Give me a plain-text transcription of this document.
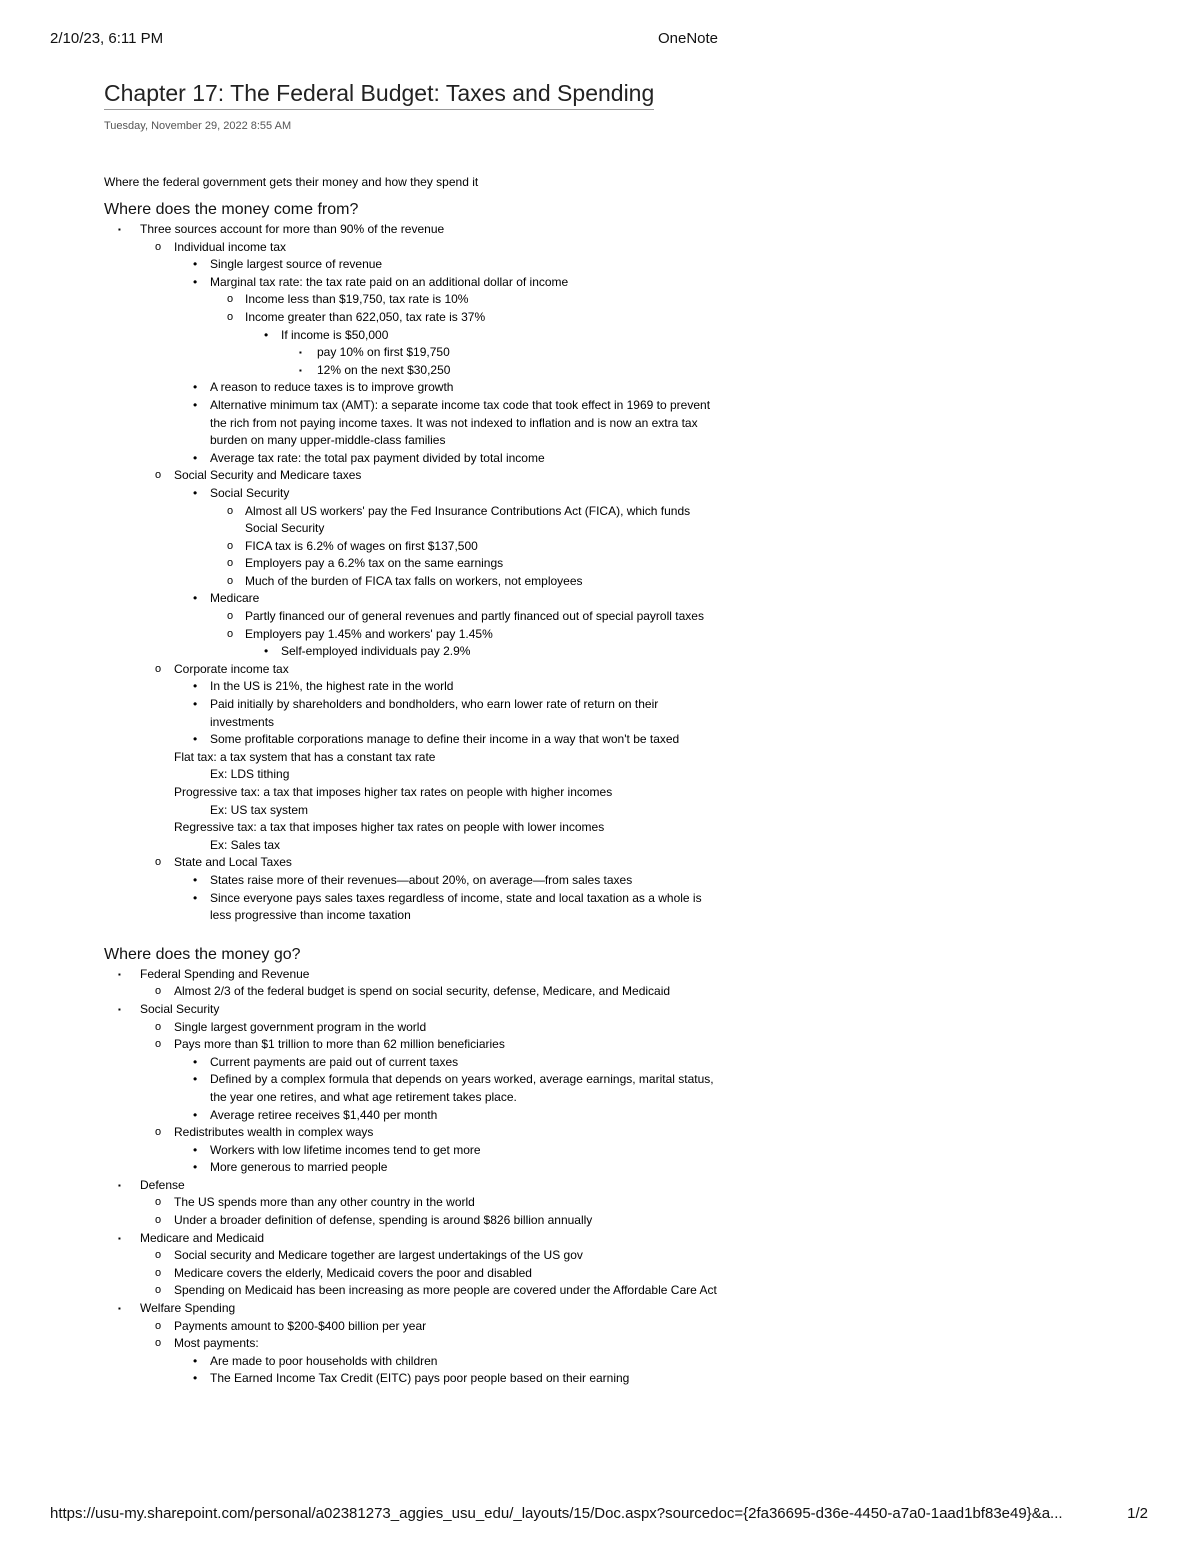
2/10/23, 6:11 PM	OneNote
Chapter 17: The Federal Budget: Taxes and Spending
Tuesday, November 29, 2022 8:55 AM
Where the federal government gets their money and how they spend it
Where does the money come from?
▪ Three sources account for more than 90% of the revenue
o Individual income tax
• Single largest source of revenue
• Marginal tax rate: the tax rate paid on an additional dollar of income
o Income less than $19,750, tax rate is 10%
o Income greater than 622,050, tax rate is 37%
• If income is $50,000
▪ pay 10% on first $19,750
▪ 12% on the next $30,250
• A reason to reduce taxes is to improve growth
• Alternative minimum tax (AMT): a separate income tax code that took effect in 1969 to prevent the rich from not paying income taxes. It was not indexed to inflation and is now an extra tax burden on many upper-middle-class families
• Average tax rate: the total pax payment divided by total income
o Social Security and Medicare taxes
• Social Security
o Almost all US workers' pay the Fed Insurance Contributions Act (FICA), which funds Social Security
o FICA tax is 6.2% of wages on first $137,500
o Employers pay a 6.2% tax on the same earnings
o Much of the burden of FICA tax falls on workers, not employees
• Medicare
o Partly financed our of general revenues and partly financed out of special payroll taxes
o Employers pay 1.45% and workers' pay 1.45%
• Self-employed individuals pay 2.9%
o Corporate income tax
• In the US is 21%, the highest rate in the world
• Paid initially by shareholders and bondholders, who earn lower rate of return on their investments
• Some profitable corporations manage to define their income in a way that won't be taxed
Flat tax: a tax system that has a constant tax rate
Ex: LDS tithing
Progressive tax: a tax that imposes higher tax rates on people with higher incomes
Ex: US tax system
Regressive tax: a tax that imposes higher tax rates on people with lower incomes
Ex: Sales tax
o State and Local Taxes
• States raise more of their revenues—about 20%, on average—from sales taxes
• Since everyone pays sales taxes regardless of income, state and local taxation as a whole is less progressive than income taxation
Where does the money go?
▪ Federal Spending and Revenue
o Almost 2/3 of the federal budget is spend on social security, defense, Medicare, and Medicaid
▪ Social Security
o Single largest government program in the world
o Pays more than $1 trillion to more than 62 million beneficiaries
• Current payments are paid out of current taxes
• Defined by a complex formula that depends on years worked, average earnings, marital status, the year one retires, and what age retirement takes place.
• Average retiree receives $1,440 per month
o Redistributes wealth in complex ways
• Workers with low lifetime incomes tend to get more
• More generous to married people
▪ Defense
o The US spends more than any other country in the world
o Under a broader definition of defense, spending is around $826 billion annually
▪ Medicare and Medicaid
o Social security and Medicare together are largest undertakings of the US gov
o Medicare covers the elderly, Medicaid covers the poor and disabled
o Spending on Medicaid has been increasing as more people are covered under the Affordable Care Act
▪ Welfare Spending
o Payments amount to $200-$400 billion per year
o Most payments:
• Are made to poor households with children
• The Earned Income Tax Credit (EITC) pays poor people based on their earning
https://usu-my.sharepoint.com/personal/a02381273_aggies_usu_edu/_layouts/15/Doc.aspx?sourcedoc={2fa36695-d36e-4450-a7a0-1aad1bf83e49}&a...	1/2
